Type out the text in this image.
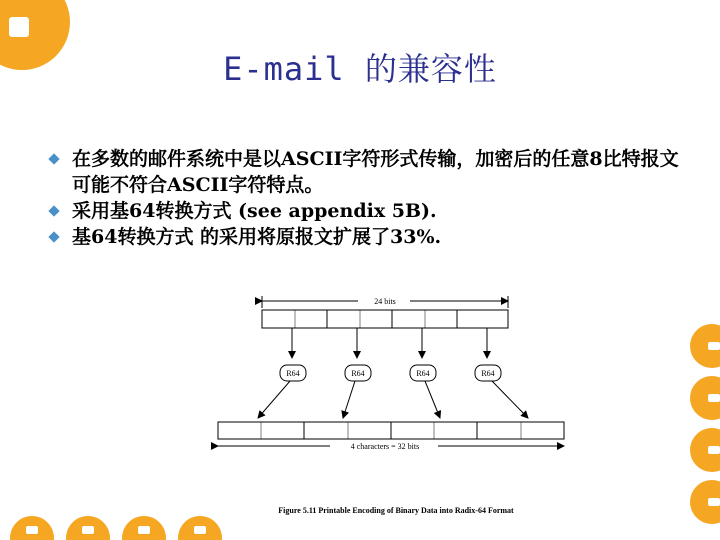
E-mail 的兼容性
在多数的邮件系统中是以ASCII字符形式传输，加密后的任意8比特报文可能不符合ASCII字符特点。
采用基64转换方式 (see appendix 5B).
基64转换方式 的采用将原报文扩展了33%.
24 bits
R64	R64	R64	R64
4 characters = 32 bits
Figure 5.11 Printable Encoding of Binary Data into Radix-64 Format
